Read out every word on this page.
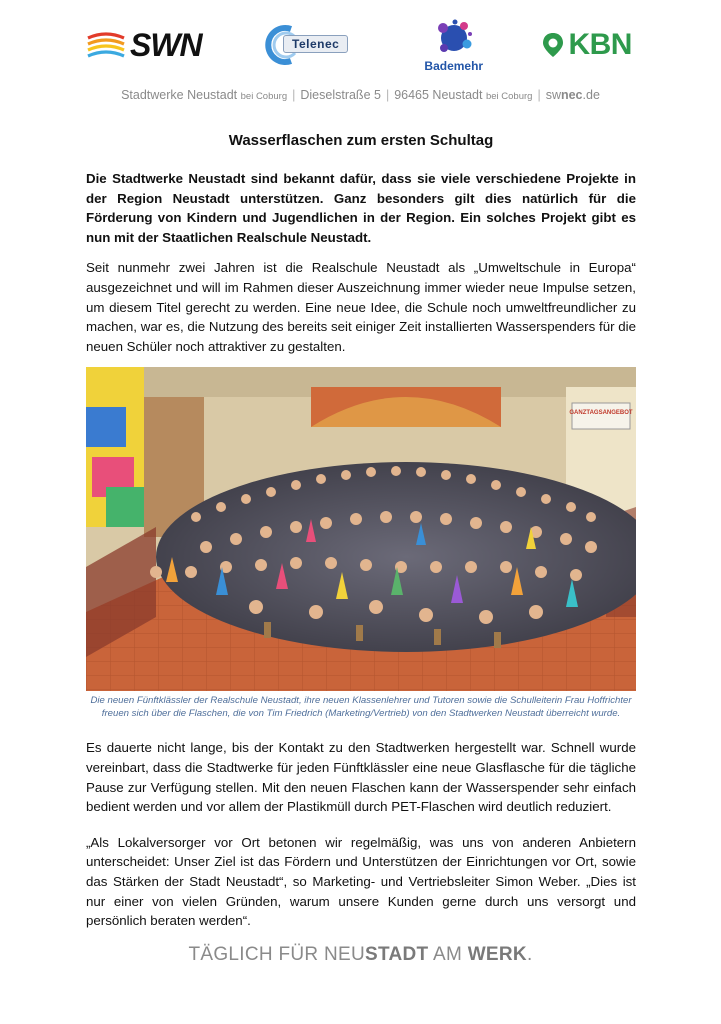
SWN	Telenec
Bademehr
KBN
Stadtwerke Neustadt bei Coburg | Dieselstraße 5 | 96465 Neustadt bei Coburg | swnec.de
Wasserflaschen zum ersten Schultag

Die Stadtwerke Neustadt sind bekannt dafür, dass sie viele verschiedene Projekte in der Region Neustadt unterstützen. Ganz besonders gilt dies natürlich für die Förderung von Kindern und Jugendlichen in der Region. Ein solches Projekt gibt es nun mit der Staatlichen Realschule Neustadt.

Seit nunmehr zwei Jahren ist die Realschule Neustadt als „Umweltschule in Europa“ ausgezeichnet und will im Rahmen dieser Auszeichnung immer wieder neue Impulse setzen, um diesem Titel gerecht zu werden. Eine neue Idee, die Schule noch umweltfreundlicher zu machen, war es, die Nutzung des bereits seit einiger Zeit installierten Wasserspenders für die neuen Schüler noch attraktiver zu gestalten.

GANZTAGSANGEBOT
Die neuen Fünftklässler der Realschule Neustadt, ihre neuen Klassenlehrer und Tutoren sowie die Schulleiterin Frau Hoffrichter freuen sich über die Flaschen, die von Tim Friedrich (Marketing/Vertrieb) von den Stadtwerken Neustadt überreicht wurde.

Es dauerte nicht lange, bis der Kontakt zu den Stadtwerken hergestellt war. Schnell wurde vereinbart, dass die Stadtwerke für jeden Fünftklässler eine neue Glasflasche für die tägliche Pause zur Verfügung stellen. Mit den neuen Flaschen kann der Wasserspender sehr einfach bedient werden und vor allem der Plastikmüll durch PET-Flaschen wird deutlich reduziert.

„Als Lokalversorger vor Ort betonen wir regelmäßig, was uns von anderen Anbietern unterscheidet: Unser Ziel ist das Fördern und Unterstützen der Einrichtungen vor Ort, sowie das Stärken der Stadt Neustadt“, so Marketing- und Vertriebsleiter Simon Weber. „Dies ist nur einer von vielen Gründen, warum unsere Kunden gerne durch uns versorgt und persönlich beraten werden“.

TÄGLICH FÜR NEUSTADT AM WERK.
